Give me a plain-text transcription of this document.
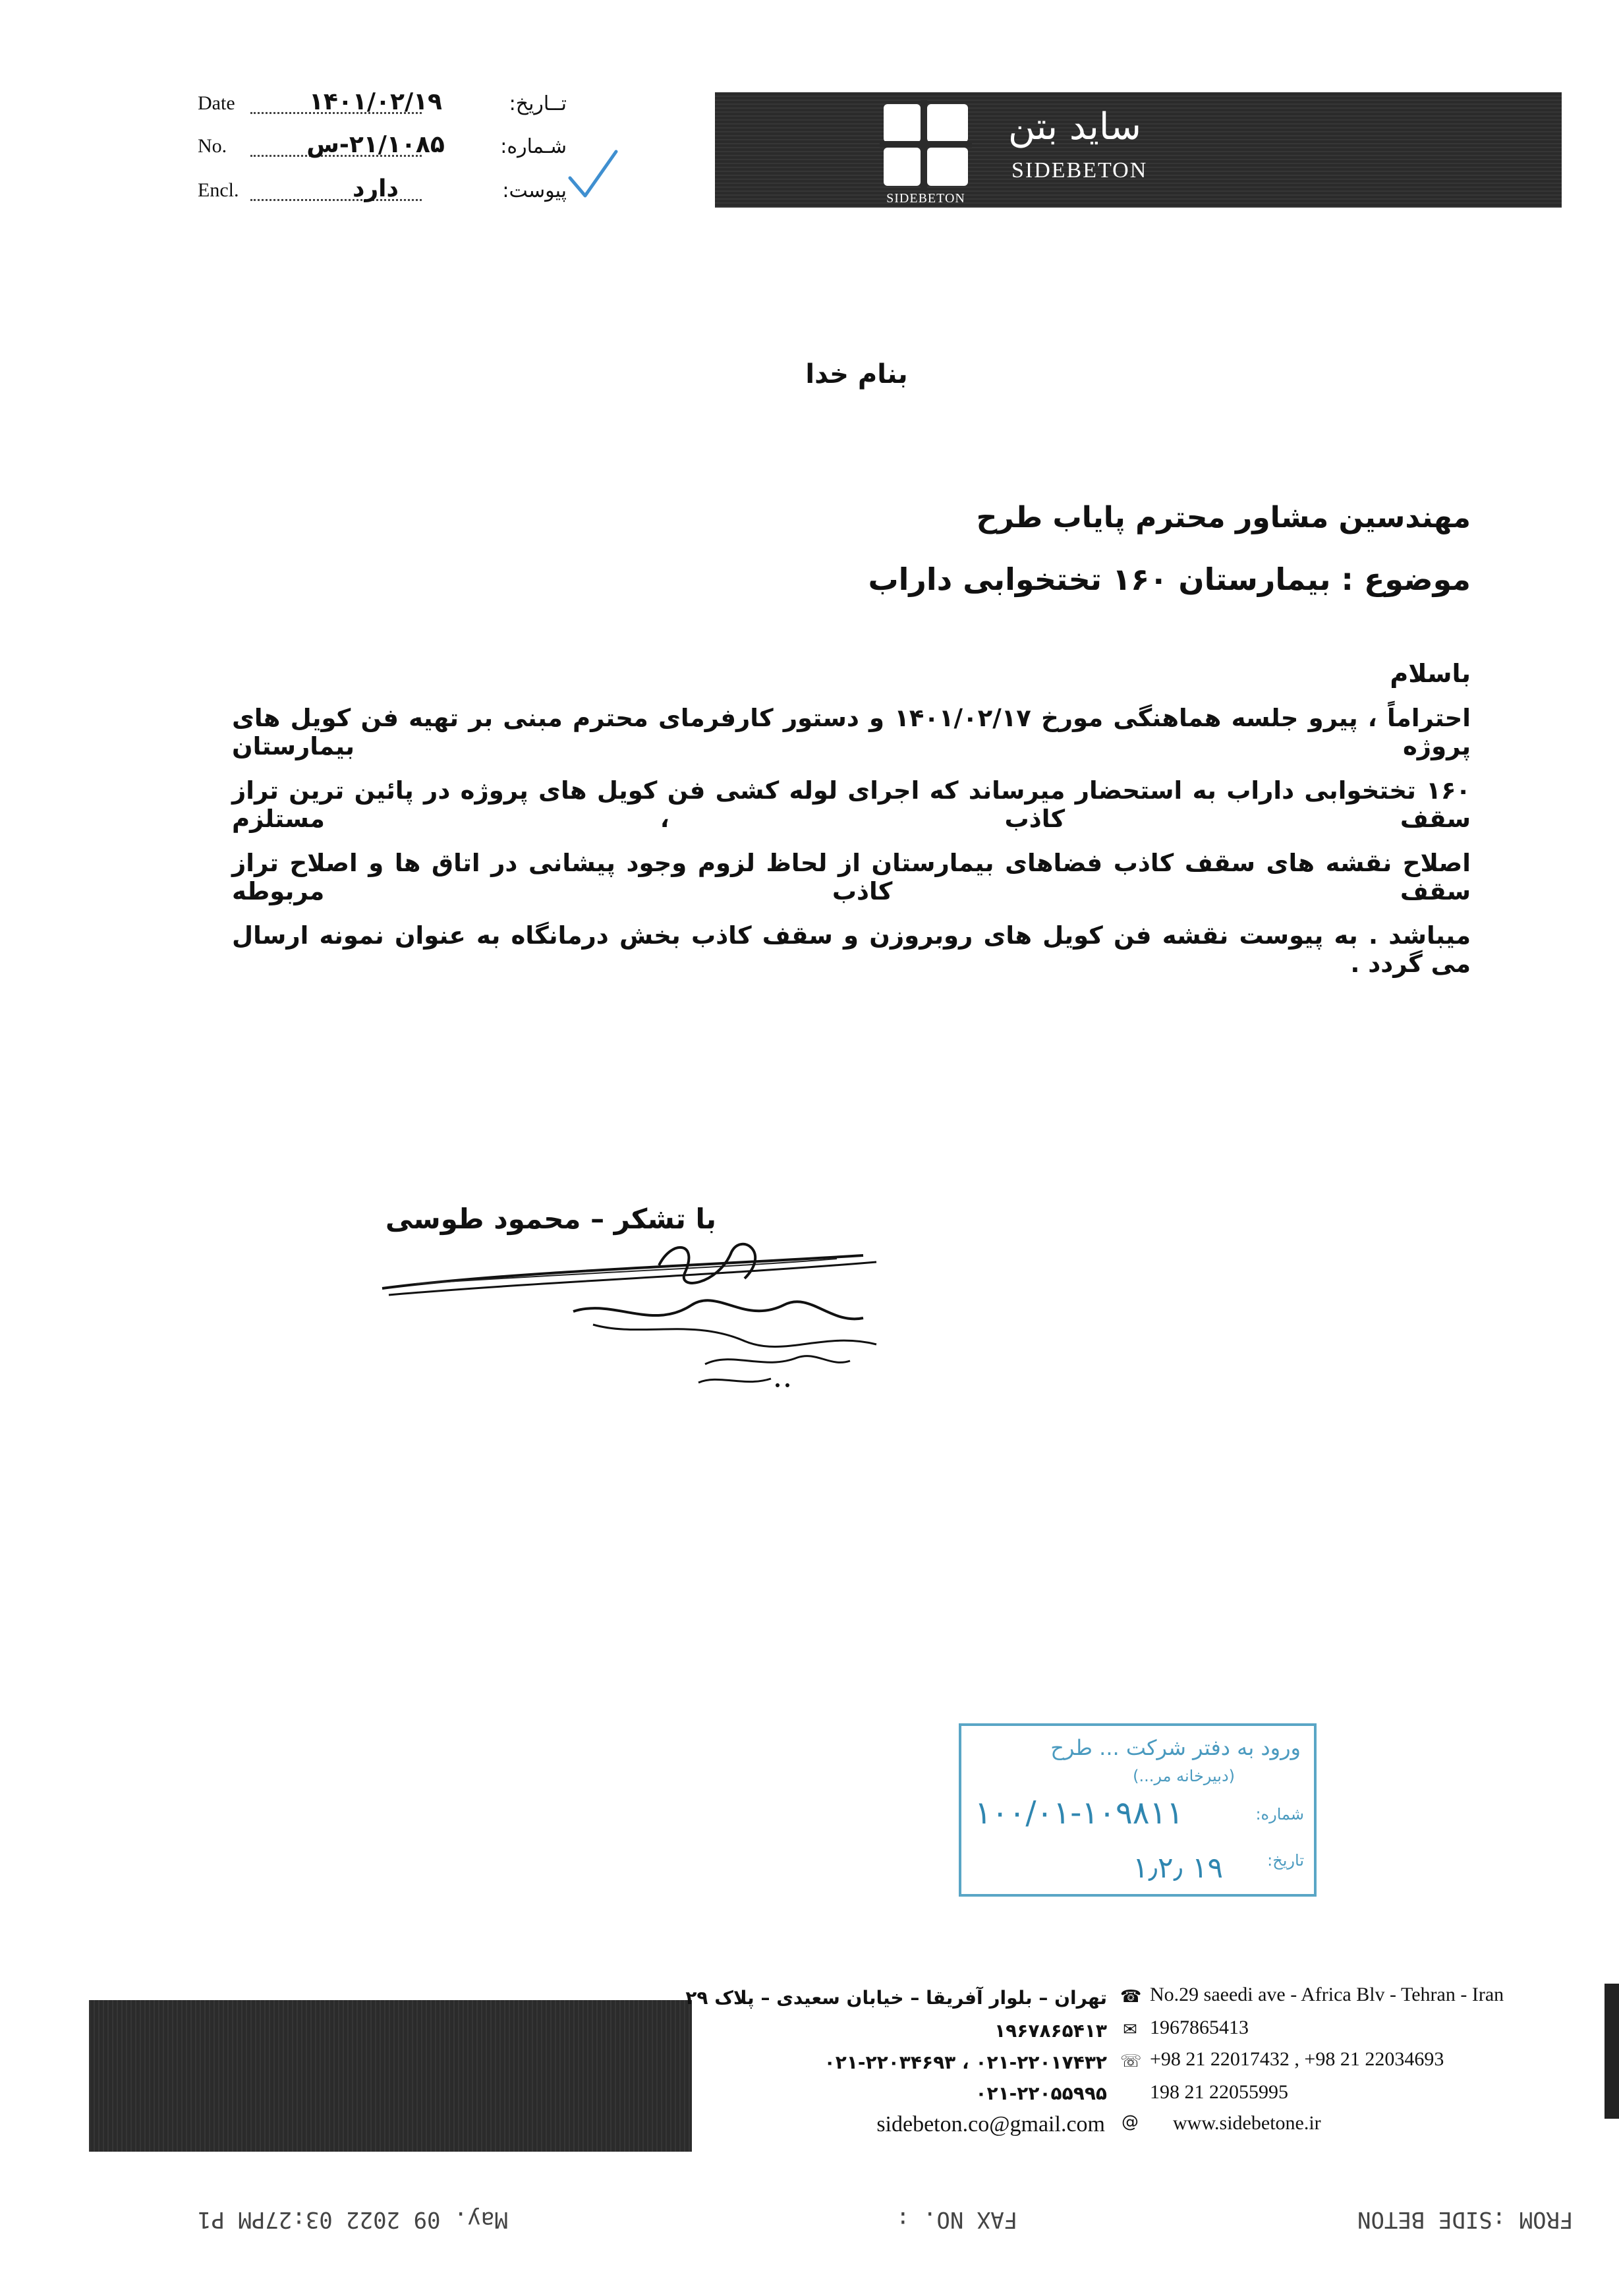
Date	۱۴۰۱/۰۲/۱۹	تــاریخ:
No.	۲۱/۱۰۸۵-س	شـماره:
Encl.	دارد	پیوست:	SIDEBETON
ساید بتن
SIDEBETON
بنام خدا
مهندسین مشاور محترم پایاب طرح
موضوع : بیمارستان ۱۶۰ تختخوابی داراب
باسلام
احتراماً ، پیرو جلسه هماهنگی مورخ ۱۴۰۱/۰۲/۱۷ و دستور کارفرمای محترم مبنی بر تهیه فن کویل های پروژه بیمارستان
۱۶۰ تختخوابی داراب به استحضار میرساند که اجرای لوله کشی فن کویل های پروژه در پائین ترین تراز سقف کاذب ، مستلزم
اصلاح نقشه های سقف کاذب فضاهای بیمارستان از لحاظ لزوم وجود پیشانی در اتاق ها و اصلاح تراز سقف کاذب مربوطه
میباشد . به پیوست نقشه فن کویل های روبروزن و سقف کاذب بخش درمانگاه به عنوان نمونه ارسال می گردد .
با تشکر – محمود طوسی
ورود به دفتر شرکت ... طرح
(دبیرخانه مر...)
شماره:
۱۰۰/۰۱-۱۰۹۸۱۱
تاریخ:
۱٫۲٫ ۱۹
تهران – بلوار آفریقا – خیابان سعیدی – پلاک ۲۹
۱۹۶۷۸۶۵۴۱۳
۰۲۱-۲۲۰۱۷۴۳۲ ، ۰۲۱-۲۲۰۳۴۶۹۳
۰۲۱-۲۲۰۵۵۹۹۵
sidebeton.co@gmail.com
☎
✉
☏
@
No.29 saeedi ave - Africa Blv - Tehran - Iran
1967865413
+98 21 22017432 , +98 21 22034693
198 21 22055995
www.sidebetone.ir
May. 09 2022 03:27PM P1	FAX NO. :	FROM :SIDE BETON
